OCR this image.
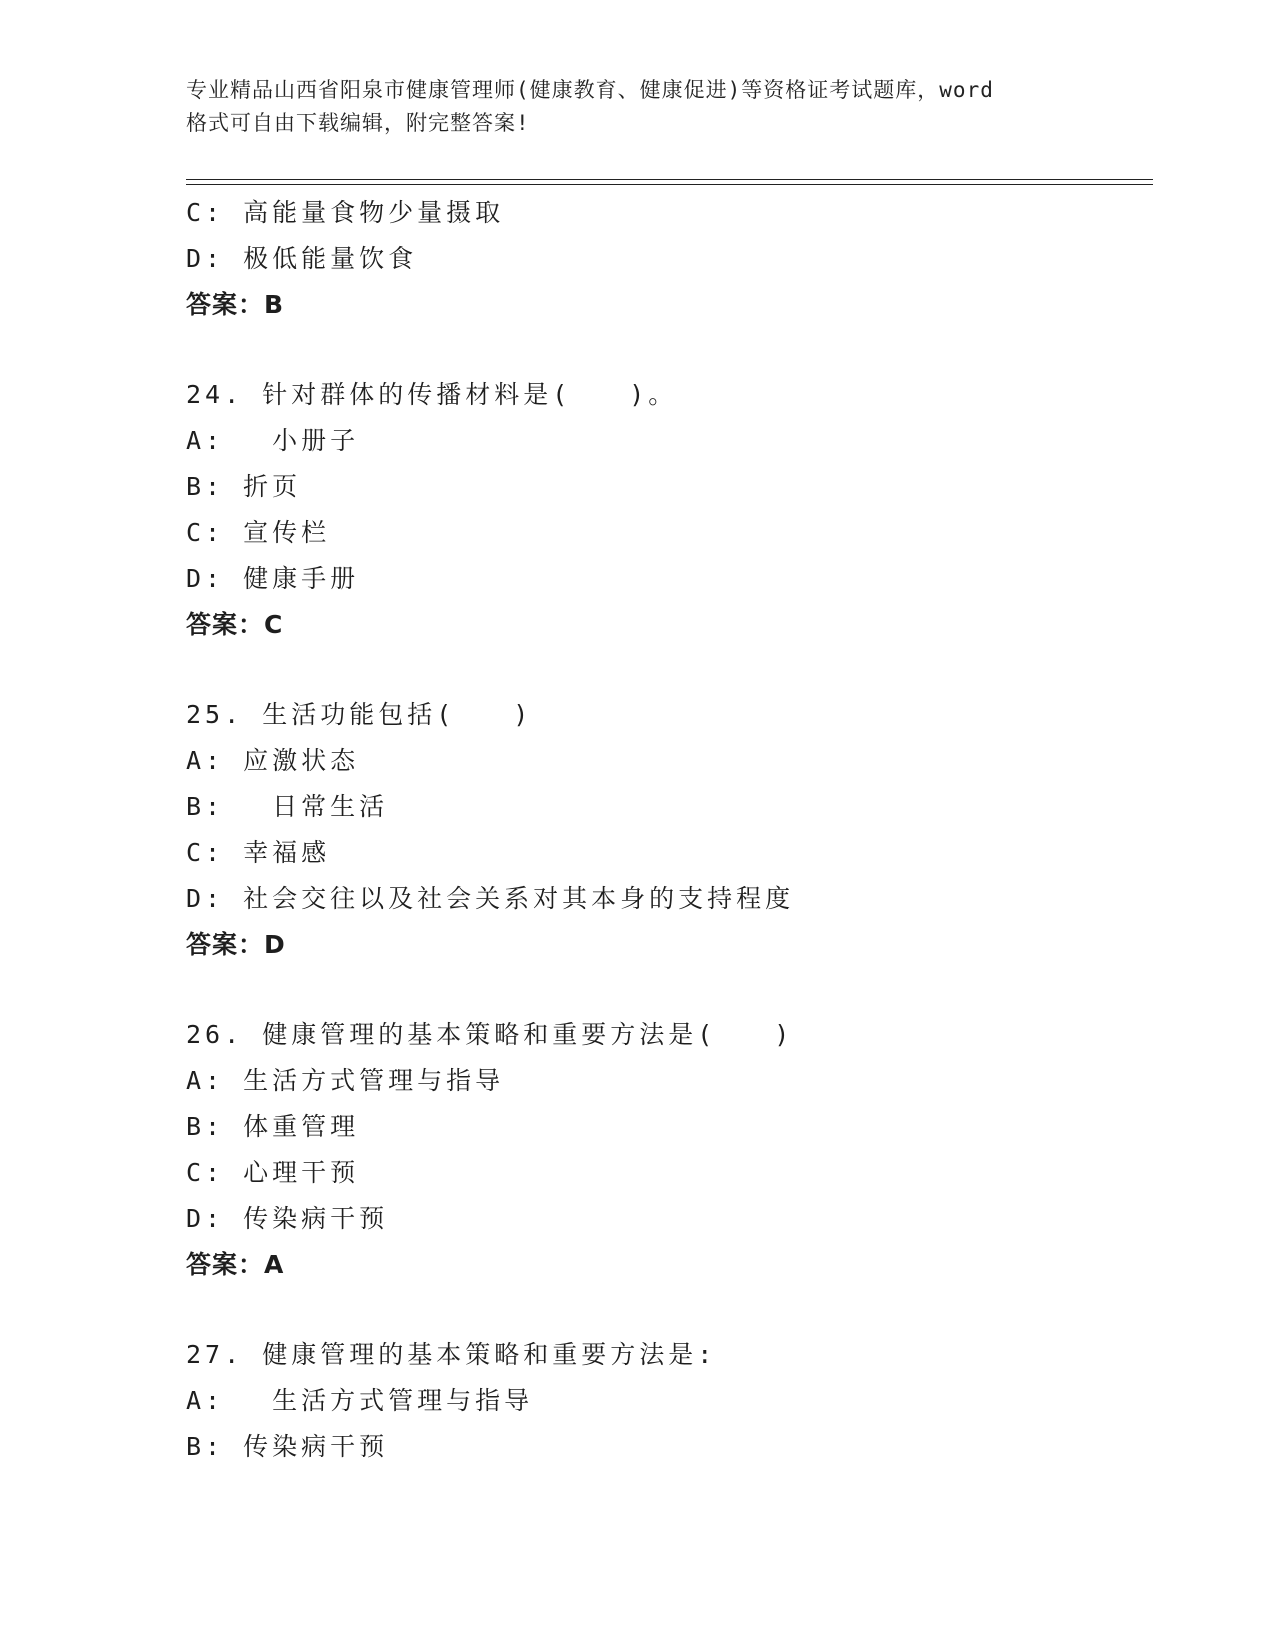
专业精品山西省阳泉市健康管理师(健康教育、健康促进)等资格证考试题库，word
格式可自由下载编辑，附完整答案!
C: 高能量食物少量摄取
D: 极低能量饮食
答案：B
24. 针对群体的传播材料是(　　)。
A: 　小册子
B: 折页
C: 宣传栏
D: 健康手册
答案：C
25. 生活功能包括(　　)
A: 应激状态
B: 　日常生活
C: 幸福感
D: 社会交往以及社会关系对其本身的支持程度
答案：D
26. 健康管理的基本策略和重要方法是(　　)
A: 生活方式管理与指导
B: 体重管理
C: 心理干预
D: 传染病干预
答案：A
27. 健康管理的基本策略和重要方法是:
A: 　生活方式管理与指导
B: 传染病干预
